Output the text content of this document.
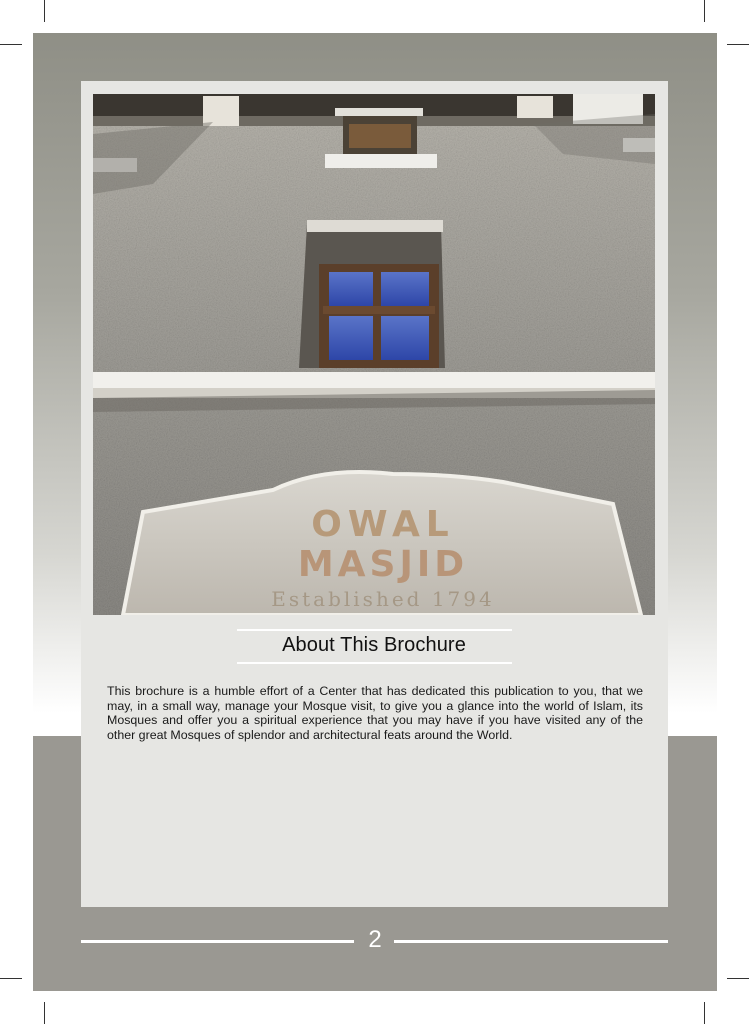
OWAL
MASJID
Established 1794
About This Brochure
This brochure is a humble effort of a Center that has dedicated this publication to you, that we may, in a small way, manage your Mosque visit, to give you a glance into the world of Islam, its Mosques and offer you a spiritual experience that you may have if you have visited any of the other great Mosques of splendor and architectural feats around the World.
2
